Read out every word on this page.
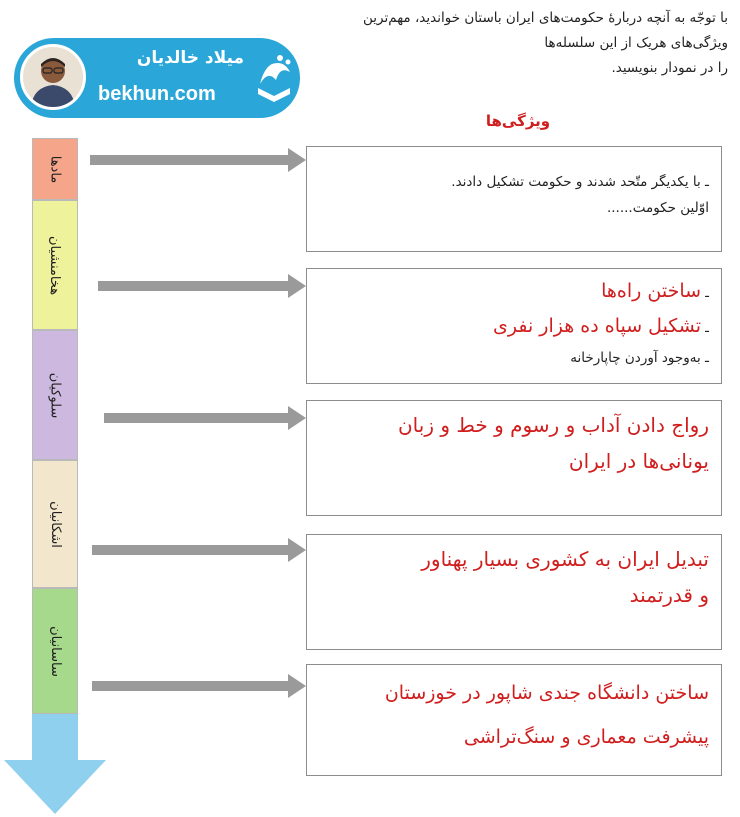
با توجّه به آنچه دربارۀ حکومت‌های ایران باستان خواندید، مهم‌ترین ویژگی‌های هریک از این سلسله‌ها
را در نمودار بنویسید.
میلاد خالدیان
bekhun.com
ویژگی‌ها
مادها
هخامنشیان
سلوکیان
اشکانیان
ساسانیان
ـ با یکدیگر متّحد شدند و حکومت تشکیل دادند.
اوّلین حکومت......
ـ ساختن راه‌ها
ـ تشکیل سپاه ده هزار نفری
ـ به‌وجود آوردن چاپارخانه
رواج دادن آداب و رسوم و خط و زبان
یونانی‌ها در ایران
تبدیل ایران به کشوری بسیار پهناور
و قدرتمند
ساختن دانشگاه جندی شاپور در خوزستان
پیشرفت معماری و سنگ‌تراشی
